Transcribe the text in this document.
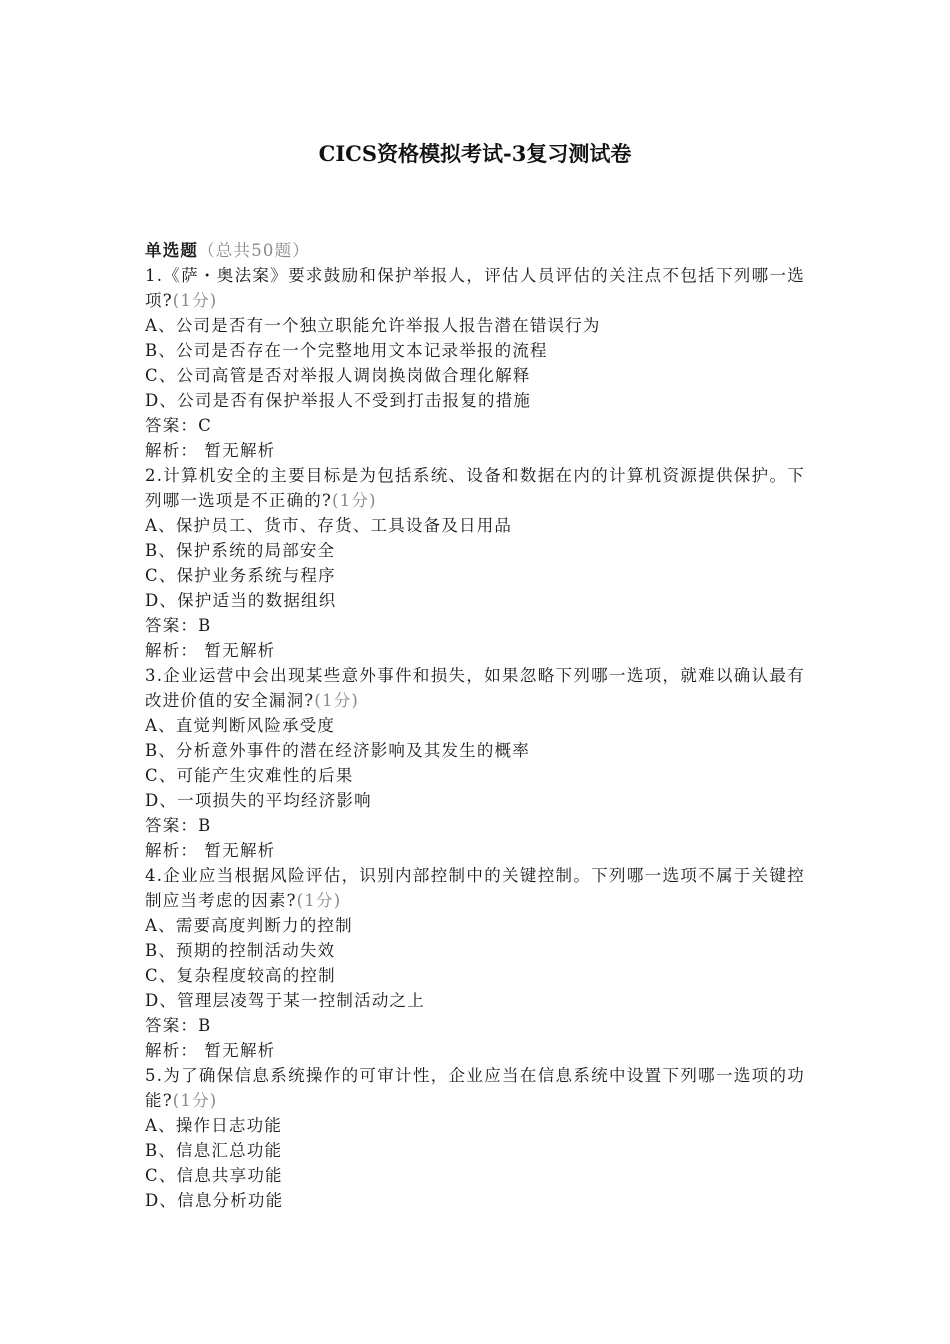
CICS资格模拟考试-3复习测试卷
单选题（总共50题）
1.《萨・奥法案》要求鼓励和保护举报人，评估人员评估的关注点不包括下列哪一选项?(1分)
A、公司是否有一个独立职能允许举报人报告潜在错误行为
B、公司是否存在一个完整地用文本记录举报的流程
C、公司高管是否对举报人调岗换岗做合理化解释
D、公司是否有保护举报人不受到打击报复的措施
答案：C
解析： 暂无解析
2.计算机安全的主要目标是为包括系统、设备和数据在内的计算机资源提供保护。下列哪一选项是不正确的?(1分)
A、保护员工、货市、存货、工具设备及日用品
B、保护系统的局部安全
C、保护业务系统与程序
D、保护适当的数据组织
答案：B
解析： 暂无解析
3.企业运营中会出现某些意外事件和损失，如果忽略下列哪一选项，就难以确认最有改进价值的安全漏洞?(1分)
A、直觉判断风险承受度
B、分析意外事件的潜在经济影响及其发生的概率
C、可能产生灾难性的后果
D、一项损失的平均经济影响
答案：B
解析： 暂无解析
4.企业应当根据风险评估，识别内部控制中的关键控制。下列哪一选项不属于关键控制应当考虑的因素?(1分)
A、需要高度判断力的控制
B、预期的控制活动失效
C、复杂程度较高的控制
D、管理层凌驾于某一控制活动之上
答案：B
解析： 暂无解析
5.为了确保信息系统操作的可审计性，企业应当在信息系统中设置下列哪一选项的功能?(1分)
A、操作日志功能
B、信息汇总功能
C、信息共享功能
D、信息分析功能
